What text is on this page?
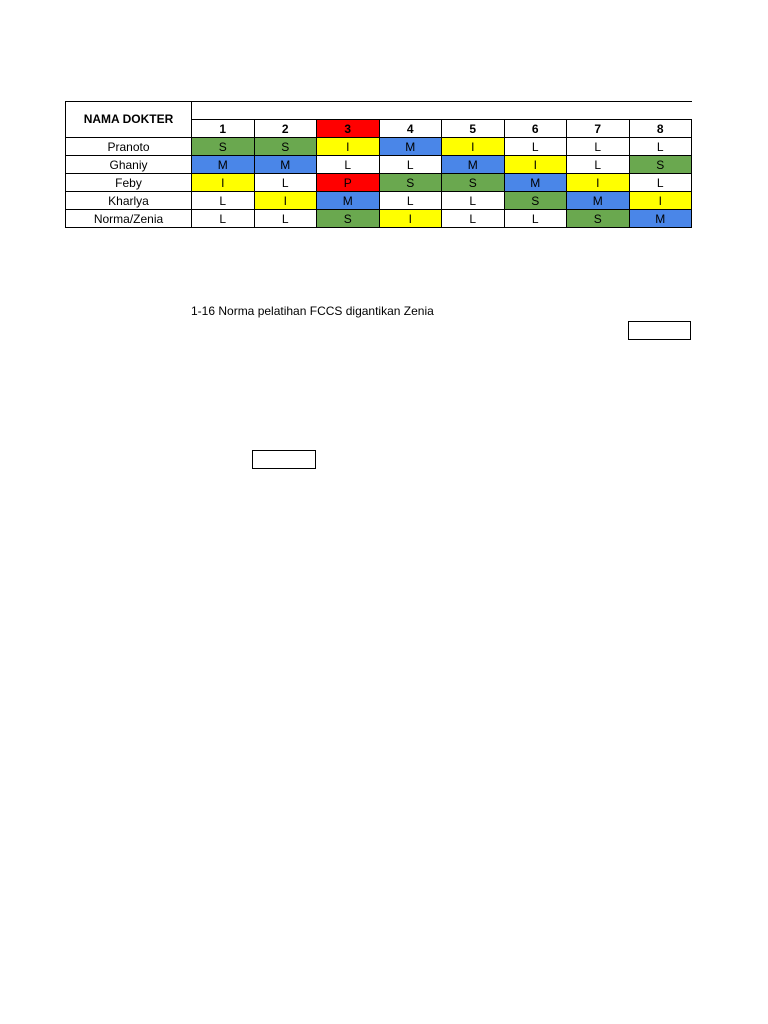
NAMA DOKTER								
	1	2	3	4	5	6	7	8
Pranoto	S	S	I	M	I	L	L	L
Ghaniy	M	M	L	L	M	I	L	S
Feby	I	L	P	S	S	M	I	L
Kharlya	L	I	M	L	L	S	M	I
Norma/Zenia	L	L	S	I	L	L	S	M
1-16 Norma pelatihan FCCS digantikan Zenia
